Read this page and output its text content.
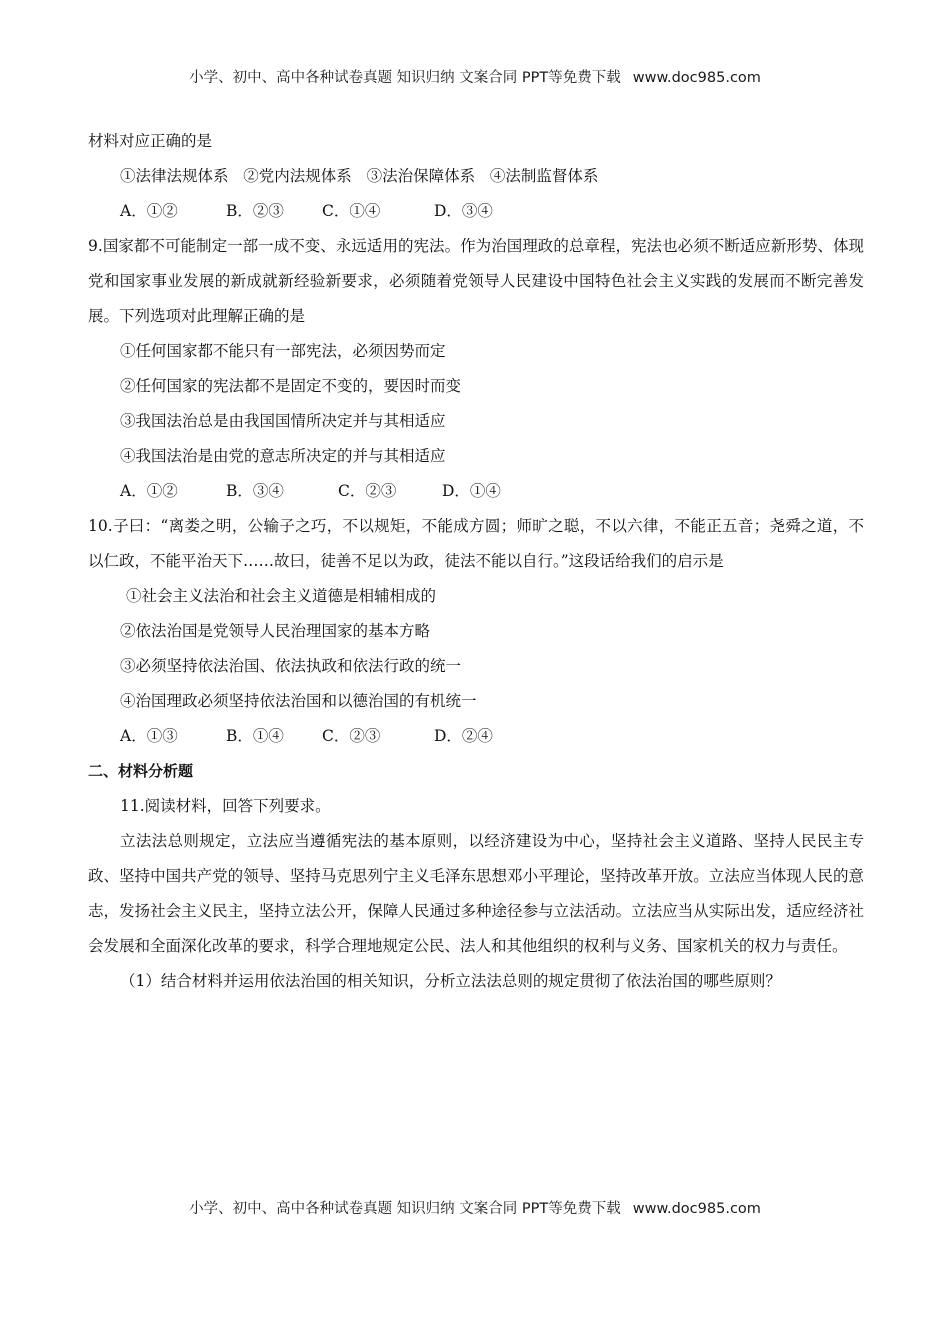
小学、初中、高中各种试卷真题 知识归纳 文案合同 PPT等免费下载 www.doc985.com
材料对应正确的是
①法律法规体系 ②党内法规体系 ③法治保障体系 ④法制监督体系
A．①②	B．②③ C．①④	D．③④
9.国家都不可能制定一部一成不变、永远适用的宪法。作为治国理政的总章程，宪法也必须不断适应新形势、体现党和国家事业发展的新成就新经验新要求，必须随着党领导人民建设中国特色社会主义实践的发展而不断完善发展。下列选项对此理解正确的是
①任何国家都不能只有一部宪法，必须因势而定
②任何国家的宪法都不是固定不变的，要因时而变
③我国法治总是由我国国情所决定并与其相适应
④我国法治是由党的意志所决定的并与其相适应
A．①②	B．③④	C．②③	D．①④
10.子曰：“离娄之明，公输子之巧，不以规矩，不能成方圆；师旷之聪，不以六律，不能正五音；尧舜之道，不以仁政，不能平治天下……故曰，徒善不足以为政，徒法不能以自行。”这段话给我们的启示是
①社会主义法治和社会主义道德是相辅相成的
②依法治国是党领导人民治理国家的基本方略
③必须坚持依法治国、依法执政和依法行政的统一
④治国理政必须坚持依法治国和以德治国的有机统一
A．①③	B．①④ C．②③	D．②④
二、材料分析题
11.阅读材料，回答下列要求。
立法法总则规定，立法应当遵循宪法的基本原则，以经济建设为中心，坚持社会主义道路、坚持人民民主专政、坚持中国共产党的领导、坚持马克思列宁主义毛泽东思想邓小平理论，坚持改革开放。立法应当体现人民的意志，发扬社会主义民主，坚持立法公开，保障人民通过多种途径参与立法活动。立法应当从实际出发，适应经济社会发展和全面深化改革的要求，科学合理地规定公民、法人和其他组织的权利与义务、国家机关的权力与责任。
（1）结合材料并运用依法治国的相关知识，分析立法法总则的规定贯彻了依法治国的哪些原则？
小学、初中、高中各种试卷真题 知识归纳 文案合同 PPT等免费下载 www.doc985.com
